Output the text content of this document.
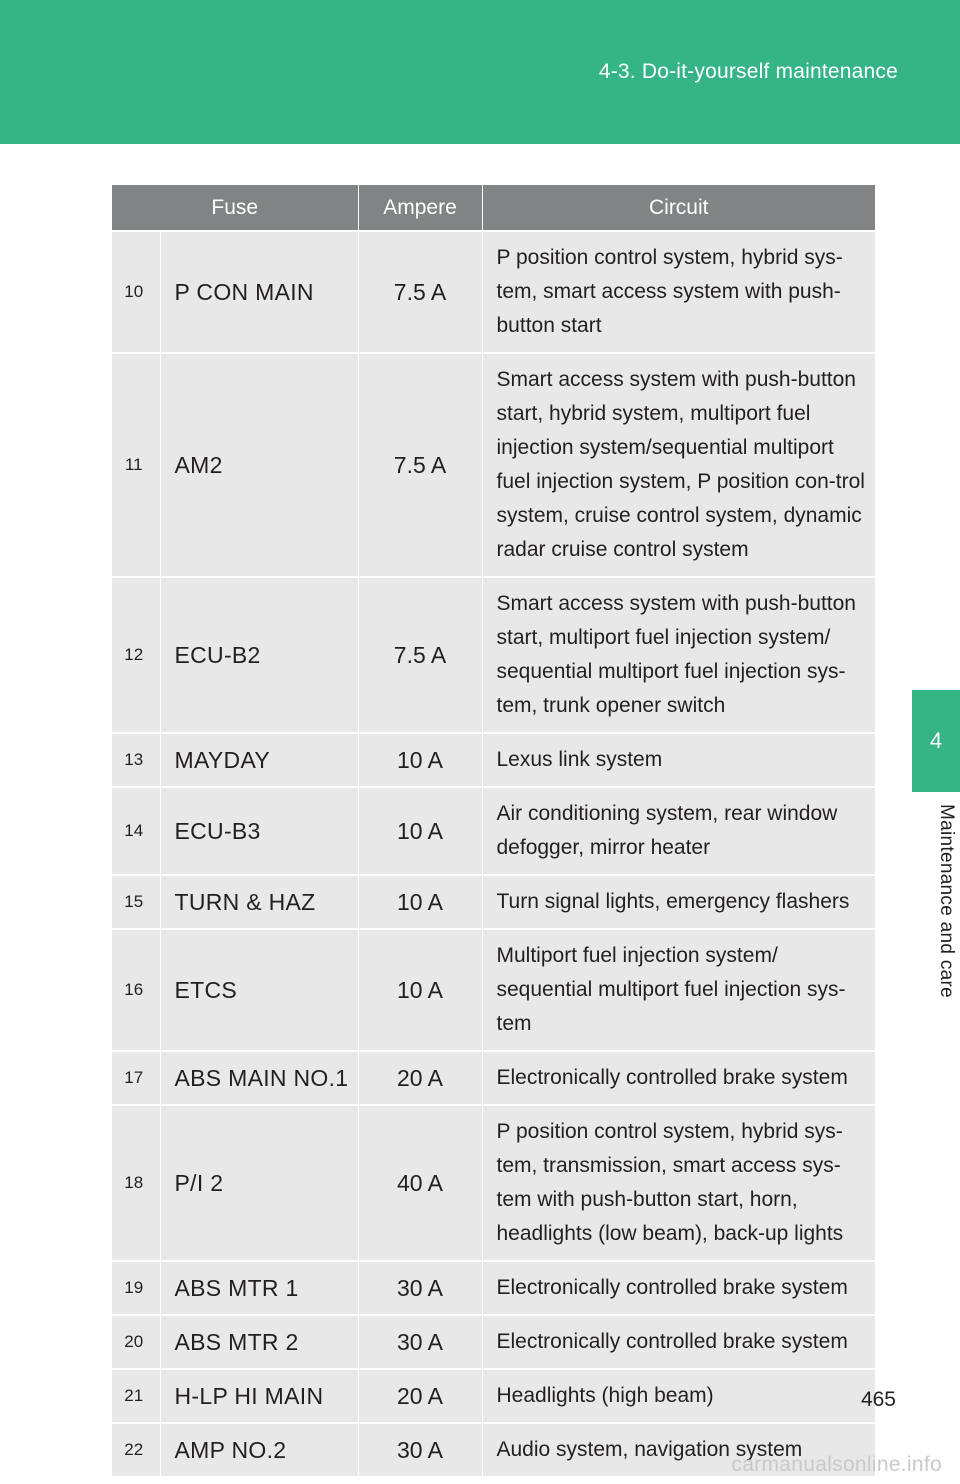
4-3. Do-it-yourself maintenance
4
Maintenance and care
Fuse		Ampere	Circuit
10	P CON MAIN	7.5 A	P position control system, hybrid sys-tem, smart access system with push-button start
11	AM2	7.5 A	Smart access system with push-button start, hybrid system, multiport fuel injection system/sequential multiport fuel injection system, P position con-trol system, cruise control system, dynamic radar cruise control system
12	ECU-B2	7.5 A	Smart access system with push-button start, multiport fuel injection system/ sequential multiport fuel injection sys-tem, trunk opener switch
13	MAYDAY	10 A	Lexus link system
14	ECU-B3	10 A	Air conditioning system, rear window defogger, mirror heater
15	TURN & HAZ	10 A	Turn signal lights, emergency flashers
16	ETCS	10 A	Multiport fuel injection system/ sequential multiport fuel injection sys-tem
17	ABS MAIN NO.1	20 A	Electronically controlled brake system
18	P/I 2	40 A	P position control system, hybrid sys-tem, transmission, smart access sys-tem with push-button start, horn, headlights (low beam), back-up lights
19	ABS MTR 1	30 A	Electronically controlled brake system
20	ABS MTR 2	30 A	Electronically controlled brake system
21	H-LP HI MAIN	20 A	Headlights (high beam)
22	AMP NO.2	30 A	Audio system, navigation system
465
carmanualsonline.info
